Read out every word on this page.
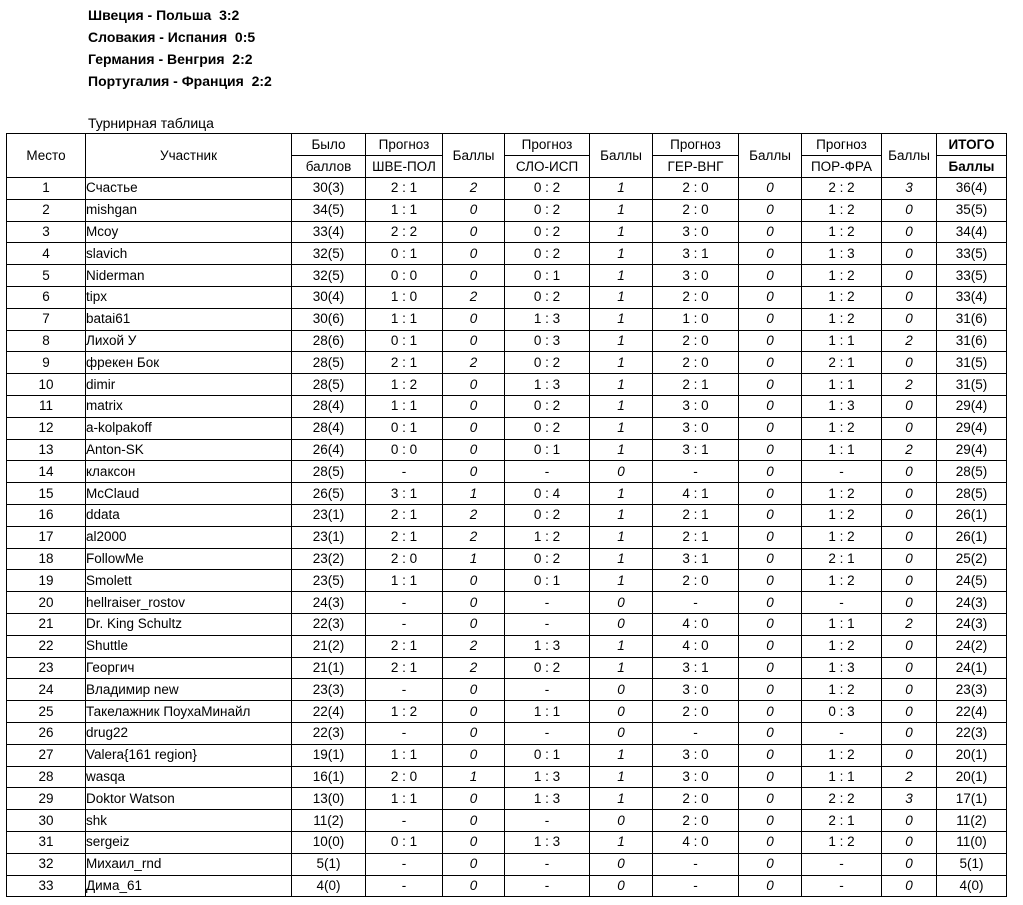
Швеция - Польша  3:2
Словакия - Испания  0:5
Германия - Венгрия  2:2
Португалия - Франция  2:2
Турнирная таблица
Место	Участник	Было	Прогноз	Баллы	Прогноз	Баллы	Прогноз	Баллы	Прогноз	Баллы	ИТОГО
		баллов	ШВЕ-ПОЛ		СЛО-ИСП		ГЕР-ВНГ		ПОР-ФРА		Баллы
1	Счастье	30(3)	2 : 1	2	0 : 2	1	2 : 0	0	2 : 2	3	36(4)
2	mishgan	34(5)	1 : 1	0	0 : 2	1	2 : 0	0	1 : 2	0	35(5)
3	Mcoy	33(4)	2 : 2	0	0 : 2	1	3 : 0	0	1 : 2	0	34(4)
4	slavich	32(5)	0 : 1	0	0 : 2	1	3 : 1	0	1 : 3	0	33(5)
5	Niderman	32(5)	0 : 0	0	0 : 1	1	3 : 0	0	1 : 2	0	33(5)
6	tipx	30(4)	1 : 0	2	0 : 2	1	2 : 0	0	1 : 2	0	33(4)
7	batai61	30(6)	1 : 1	0	1 : 3	1	1 : 0	0	1 : 2	0	31(6)
8	Лихой У	28(6)	0 : 1	0	0 : 3	1	2 : 0	0	1 : 1	2	31(6)
9	фрекен Бок	28(5)	2 : 1	2	0 : 2	1	2 : 0	0	2 : 1	0	31(5)
10	dimir	28(5)	1 : 2	0	1 : 3	1	2 : 1	0	1 : 1	2	31(5)
11	matrix	28(4)	1 : 1	0	0 : 2	1	3 : 0	0	1 : 3	0	29(4)
12	a-kolpakoff	28(4)	0 : 1	0	0 : 2	1	3 : 0	0	1 : 2	0	29(4)
13	Anton-SK	26(4)	0 : 0	0	0 : 1	1	3 : 1	0	1 : 1	2	29(4)
14	клаксон	28(5)	-	0	-	0	-	0	-	0	28(5)
15	McClaud	26(5)	3 : 1	1	0 : 4	1	4 : 1	0	1 : 2	0	28(5)
16	ddata	23(1)	2 : 1	2	0 : 2	1	2 : 1	0	1 : 2	0	26(1)
17	al2000	23(1)	2 : 1	2	1 : 2	1	2 : 1	0	1 : 2	0	26(1)
18	FollowMe	23(2)	2 : 0	1	0 : 2	1	3 : 1	0	2 : 1	0	25(2)
19	Smolett	23(5)	1 : 1	0	0 : 1	1	2 : 0	0	1 : 2	0	24(5)
20	hellraiser_rostov	24(3)	-	0	-	0	-	0	-	0	24(3)
21	Dr. King Schultz	22(3)	-	0	-	0	4 : 0	0	1 : 1	2	24(3)
22	Shuttle	21(2)	2 : 1	2	1 : 3	1	4 : 0	0	1 : 2	0	24(2)
23	Георгич	21(1)	2 : 1	2	0 : 2	1	3 : 1	0	1 : 3	0	24(1)
24	Владимир new	23(3)	-	0	-	0	3 : 0	0	1 : 2	0	23(3)
25	Такелажник ПоухаМинайл	22(4)	1 : 2	0	1 : 1	0	2 : 0	0	0 : 3	0	22(4)
26	drug22	22(3)	-	0	-	0	-	0	-	0	22(3)
27	Valera{161 region}	19(1)	1 : 1	0	0 : 1	1	3 : 0	0	1 : 2	0	20(1)
28	wasqa	16(1)	2 : 0	1	1 : 3	1	3 : 0	0	1 : 1	2	20(1)
29	Doktor Watson	13(0)	1 : 1	0	1 : 3	1	2 : 0	0	2 : 2	3	17(1)
30	shk	11(2)	-	0	-	0	2 : 0	0	2 : 1	0	11(2)
31	sergeiz	10(0)	0 : 1	0	1 : 3	1	4 : 0	0	1 : 2	0	11(0)
32	Михаил_rnd	5(1)	-	0	-	0	-	0	-	0	5(1)
33	Дима_61	4(0)	-	0	-	0	-	0	-	0	4(0)
